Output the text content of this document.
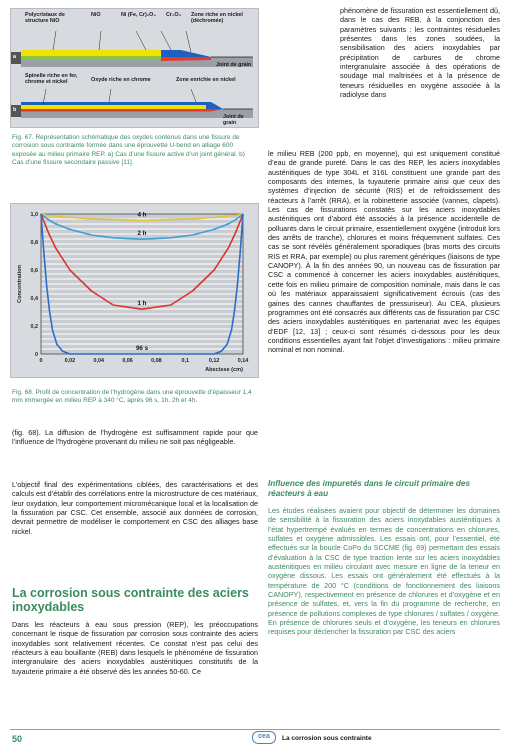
a
b
Polycristaux de structure NiO
NiO	Ni (Fe, Cr)₂O₄ Cr₂O₃ Zone riche en nickel (déchromée)
Joint de grain
Spinelle riche en fer, chrome et nickel	Oxyde riche en chrome	Zone enrichie en nickel
Joint de grain
Fig. 67. Représentation schématique des oxydes contenus dans une fissure de corrosion sous contrainte formée dans une éprouvette U-bend en alliage 600 exposée au milieu primaire REP. a) Cas d’une fissure active d’un joint général. b) Cas d’une fissure secondaire passive [11].
0	0,02	0,04	0,06	0,08	0,1	0,12	0,14
0
0,2
0,4
0,6
0,8
1,0
Abscisse (cm)
Concentration
4 h
2 h
1 h
96 s
Fig. 68. Profil de concentration de l’hydrogène dans une éprouvette d’épaisseur 1,4 mm immergée en milieu REP à 340 °C, après 96 s, 1h, 2h et 4h.

(fig. 68). La diffusion de l’hydrogène est suffisamment rapide pour que l’influence de l’hydrogène provenant du milieu ne soit pas négligeable.

L’objectif final des expérimentations ciblées, des caractérisations et des calculs est d’établir des corrélations entre la microstructure de ces matériaux, leur oxydation, leur comportement micromécanique local et la localisation de la fissuration par CSC. Cet ensemble, associé aux données de corrosion, devrait permettre de modéliser le comportement en CSC des alliages base nickel.

La corrosion sous contrainte des aciers inoxydables

Dans les réacteurs à eau sous pression (REP), les préoccupations concernant le risque de fissuration par corrosion sous contrainte des aciers inoxydables sont relativement récentes. Ce constat n’est pas celui des réacteurs à eau bouillante (REB) dans lesquels le phénomène de fissuration intergranulaire des aciers inoxydables austénitiques constitutifs de la tuyauterie primaire a été observé dès les années 50-60. Ce

phénomène de fissuration est essentiellement dû, dans le cas des REB, à la conjonction des paramètres suivants : les contraintes résiduelles présentes dans les zones soudées, la sensibilisation des aciers inoxydables par précipitation de carbures de chrome intergranulaire associée à des opérations de soudage mal maîtrisées et à la présence de teneurs résiduelles en oxygène associée à la radiolyse dans

le milieu REB (200 ppb, en moyenne), qui est uniquement constitué d’eau de grande pureté. Dans le cas des REP, les aciers inoxydables austénitiques de type 304L et 316L constituent une grande part des composants des internes, la tuyauterie primaire ainsi que ceux des systèmes d’injection de sécurité (RIS) et de refroidissement des réacteurs à l’arrêt (RRA), et la robinetterie associée (vannes, clapets). Les cas de fissurations constatés sur les aciers inoxydables austénitiques ont d’abord été associés à la présence accidentelle de polluants dans le circuit primaire, essentiellement oxygène (introduit lors des arrêts de tranche), chlorures et moins fréquemment sulfates. Ces cas se sont révélés généralement sporadiques (bras morts des circuits RIS et RRA, par exemple) ou plus rarement génériques (liaisons de type CANOPY). À la fin des années 90, un nouveau cas de fissuration par CSC a commencé à concerner les aciers inoxydables austénitiques, cette fois en milieu primaire de composition nominale, mais dans le cas où les matériaux apparaissaient significativement écrouis (cas des gaines des cannes chauffantes de pressuriseur). Au CEA, plusieurs programmes ont été consacrés aux différents cas de fissuration par CSC des aciers inoxydables austénitiques en partenariat avec les équipes d’EDF [12, 13] ; ceux-ci sont résumés ci-dessous pour les deux conditions essentielles ayant fait l’objet d’investigations : milieu primaire nominal et non nominal.

Influence des impuretés dans le circuit primaire des réacteurs à eau

Les études réalisées avaient pour objectif de déterminer les domaines de sensibilité à la fissuration des aciers inoxydables austénitiques à l’état hypertrempé évalués en termes de concentrations en chlorures, sulfates et oxygène admissibles. Les essais ont, pour l’essentiel, été effectués sur la boucle CoPo du SCCME (fig. 69) permettant des essais d’évaluation à la CSC de type traction lente sur les aciers inoxydables austénitiques en milieu circulant avec mesure en ligne de la teneur en oxygène dissous. Les essais ont généralement été effectués à la température de 200 °C (conditions de fonctionnement des liaisons CANOPY), respectivement en présence de chlorures et d’oxygène et en présence de sulfates, et, vers la fin du programme de recherche, en présence de pollutions complexes de type chlorures / sulfates / oxygène. En présence de chlorures seuls et d’oxygène, les teneurs en chlorures requises pour déclencher la fissuration par CSC des aciers

50	cea	La corrosion sous contrainte
